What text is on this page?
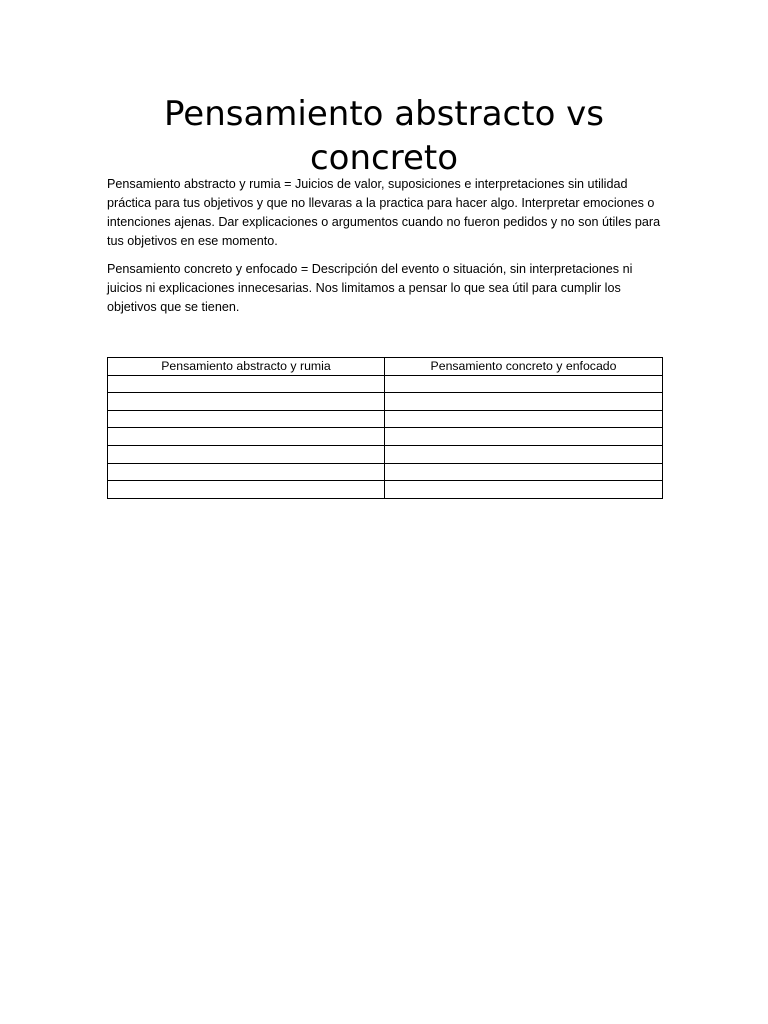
Pensamiento abstracto vs concreto

Pensamiento abstracto y rumia = Juicios de valor, suposiciones e interpretaciones sin utilidad práctica para tus objetivos y que no llevaras a la practica para hacer algo. Interpretar emociones o intenciones ajenas. Dar explicaciones o argumentos cuando no fueron pedidos y no son útiles para tus objetivos en ese momento.

Pensamiento concreto y enfocado = Descripción del evento o situación, sin interpretaciones ni juicios ni explicaciones innecesarias. Nos limitamos a pensar lo que sea útil para cumplir los objetivos que se tienen.

Pensamiento abstracto y rumia	Pensamiento concreto y enfocado
